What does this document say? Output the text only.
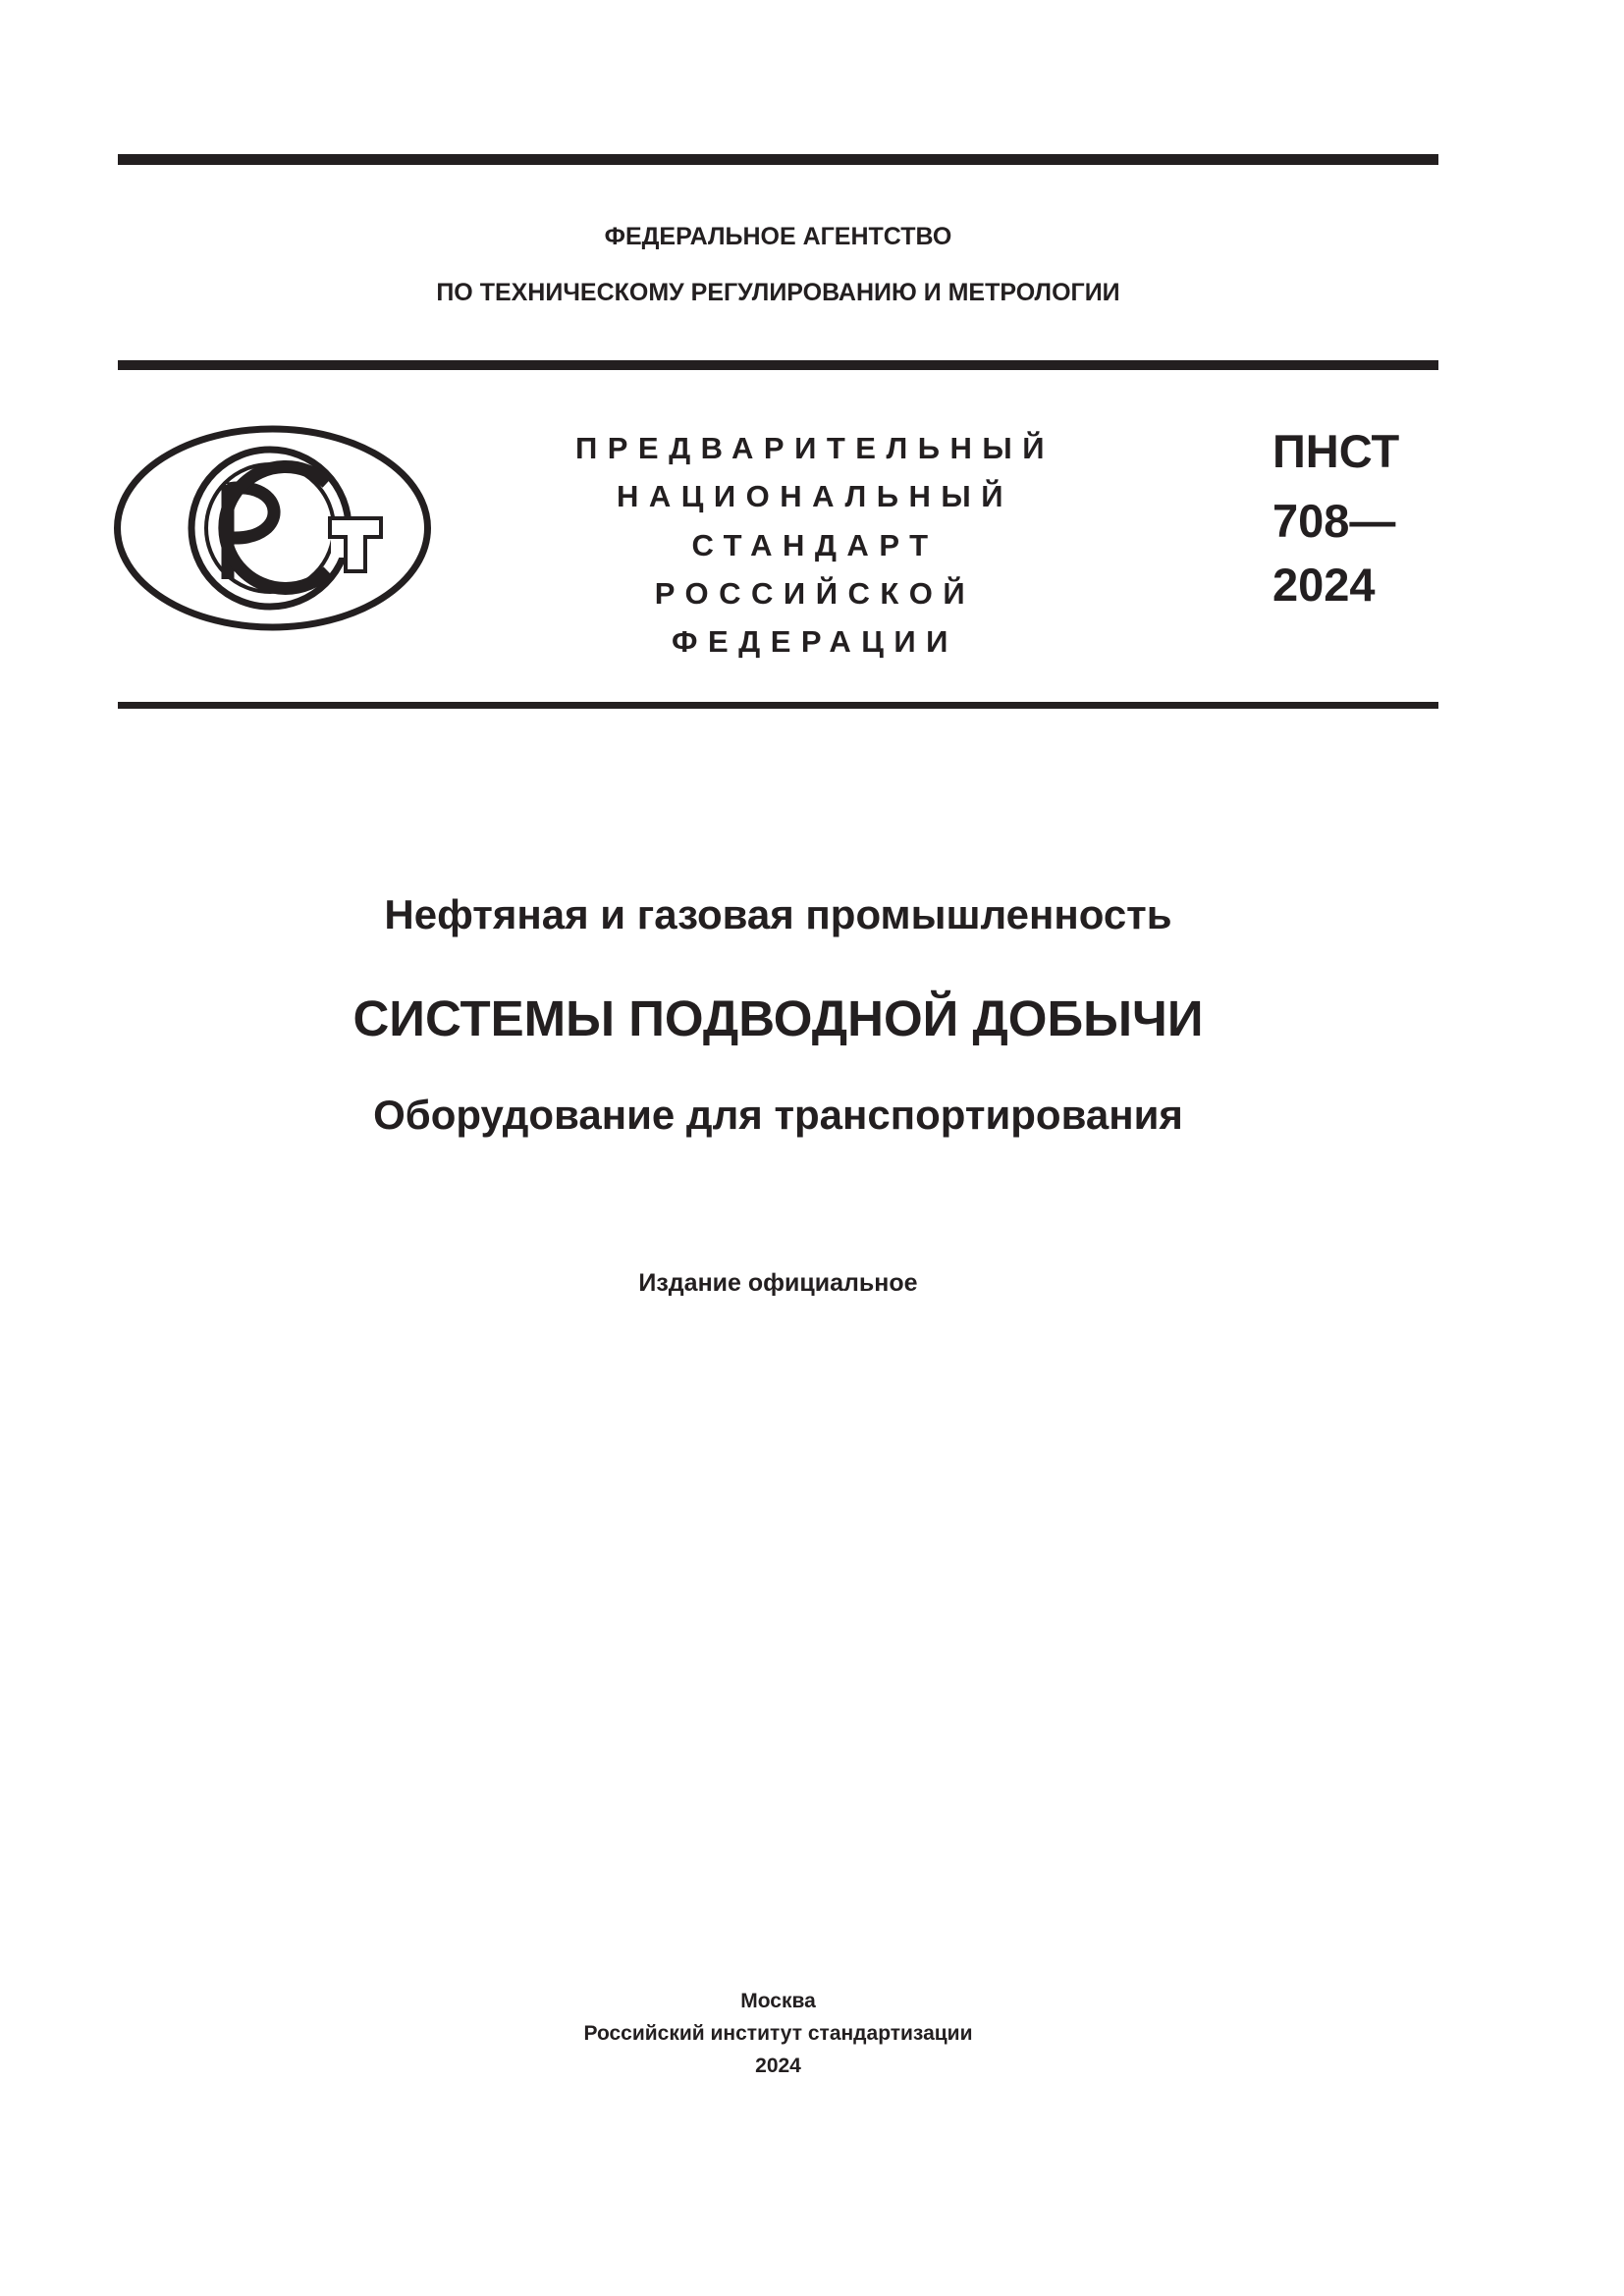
ФЕДЕРАЛЬНОЕ АГЕНТСТВО
ПО ТЕХНИЧЕСКОМУ РЕГУЛИРОВАНИЮ И МЕТРОЛОГИИ
ПРЕДВАРИТЕЛЬНЫЙ
НАЦИОНАЛЬНЫЙ
СТАНДАРТ
РОССИЙСКОЙ
ФЕДЕРАЦИИ
ПНСТ
708—
2024
Нефтяная и газовая промышленность
СИСТЕМЫ ПОДВОДНОЙ ДОБЫЧИ
Оборудование для транспортирования
Издание официальное
Москва
Российский институт стандартизации
2024
